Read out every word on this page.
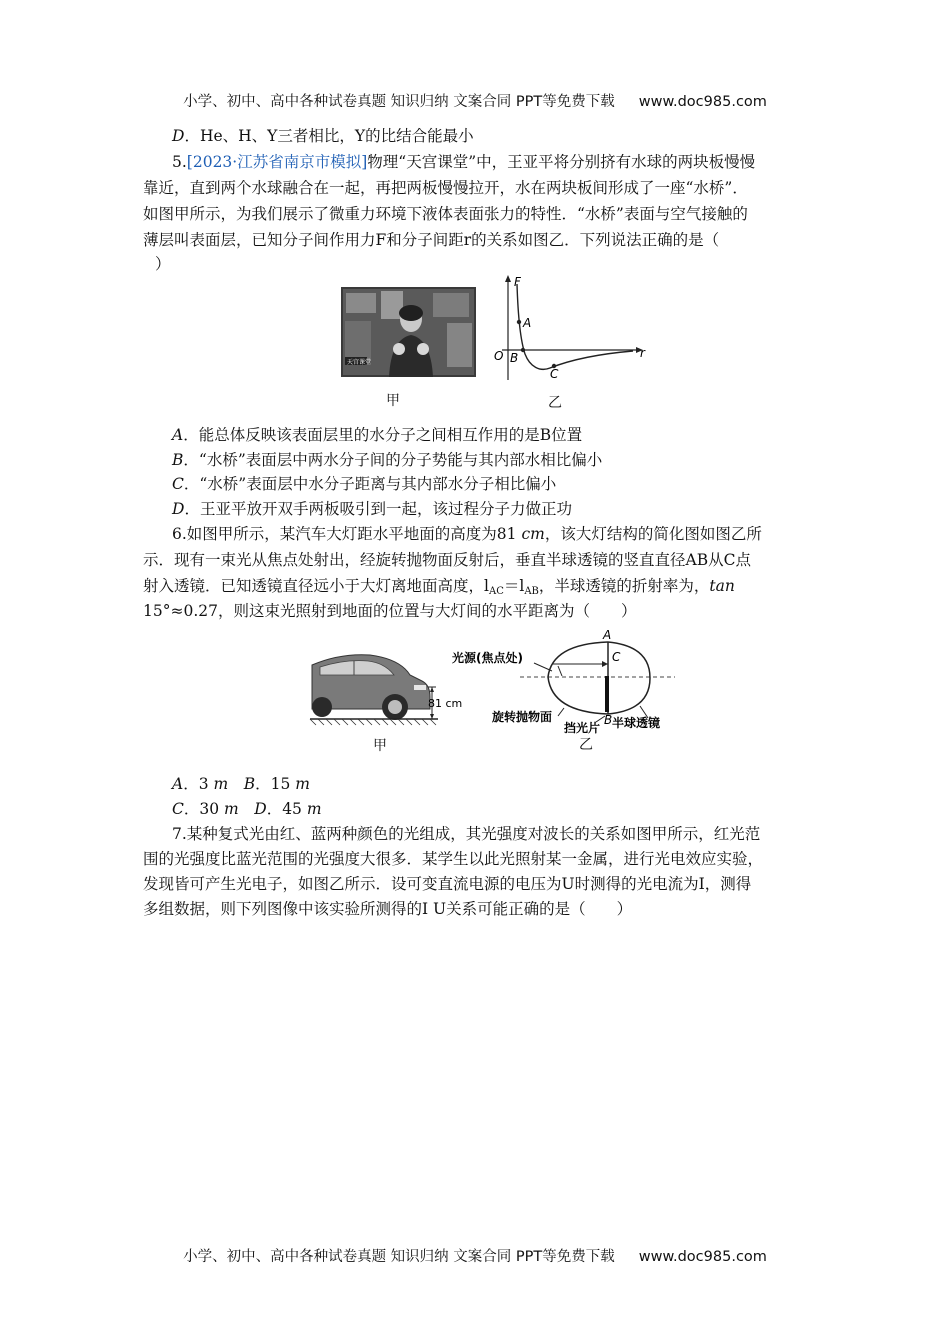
小学、初中、高中各种试卷真题 知识归纳 文案合同 PPT等免费下载 www.doc985.com
D．He、H、Y三者相比，Y的比结合能最小
5.[2023·江苏省南京市模拟]物理“天宫课堂”中，王亚平将分别挤有水球的两块板慢慢
靠近，直到两个水球融合在一起，再把两板慢慢拉开，水在两块板间形成了一座“水桥”．
如图甲所示，为我们展示了微重力环境下液体表面张力的特性．“水桥”表面与空气接触的
薄层叫表面层，已知分子间作用力F和分子间距r的关系如图乙．下列说法正确的是（
）
天宫课堂
甲
F
O
A
B
C
r
乙
A．能总体反映该表面层里的水分子之间相互作用的是B位置
B．“水桥”表面层中两水分子间的分子势能与其内部水相比偏小
C．“水桥”表面层中水分子距离与其内部水分子相比偏小
D．王亚平放开双手两板吸引到一起，该过程分子力做正功
6.如图甲所示，某汽车大灯距水平地面的高度为81 cm，该大灯结构的简化图如图乙所
示．现有一束光从焦点处射出，经旋转抛物面反射后，垂直半球透镜的竖直直径AB从C点
射入透镜．已知透镜直径远小于大灯离地面高度，$l_{AC}=l_{AB}$，半球透镜的折射率为，tan
15°≈0.27，则这束光照射到地面的位置与大灯间的水平距离为（　　）
81 cm
甲
光源(焦点处)
旋转抛物面
挡光片 半球透镜
A
B
C
乙
A．3 m　 B．15 m
C．30 m　 D．45 m
7.某种复式光由红、蓝两种颜色的光组成，其光强度对波长的关系如图甲所示，红光范
围的光强度比蓝光范围的光强度大很多．某学生以此光照射某一金属，进行光电效应实验，
发现皆可产生光电子，如图乙所示．设可变直流电源的电压为U时测得的光电流为I，测得
多组数据，则下列图像中该实验所测得的I U关系可能正确的是（　　）
小学、初中、高中各种试卷真题 知识归纳 文案合同 PPT等免费下载 www.doc985.com
